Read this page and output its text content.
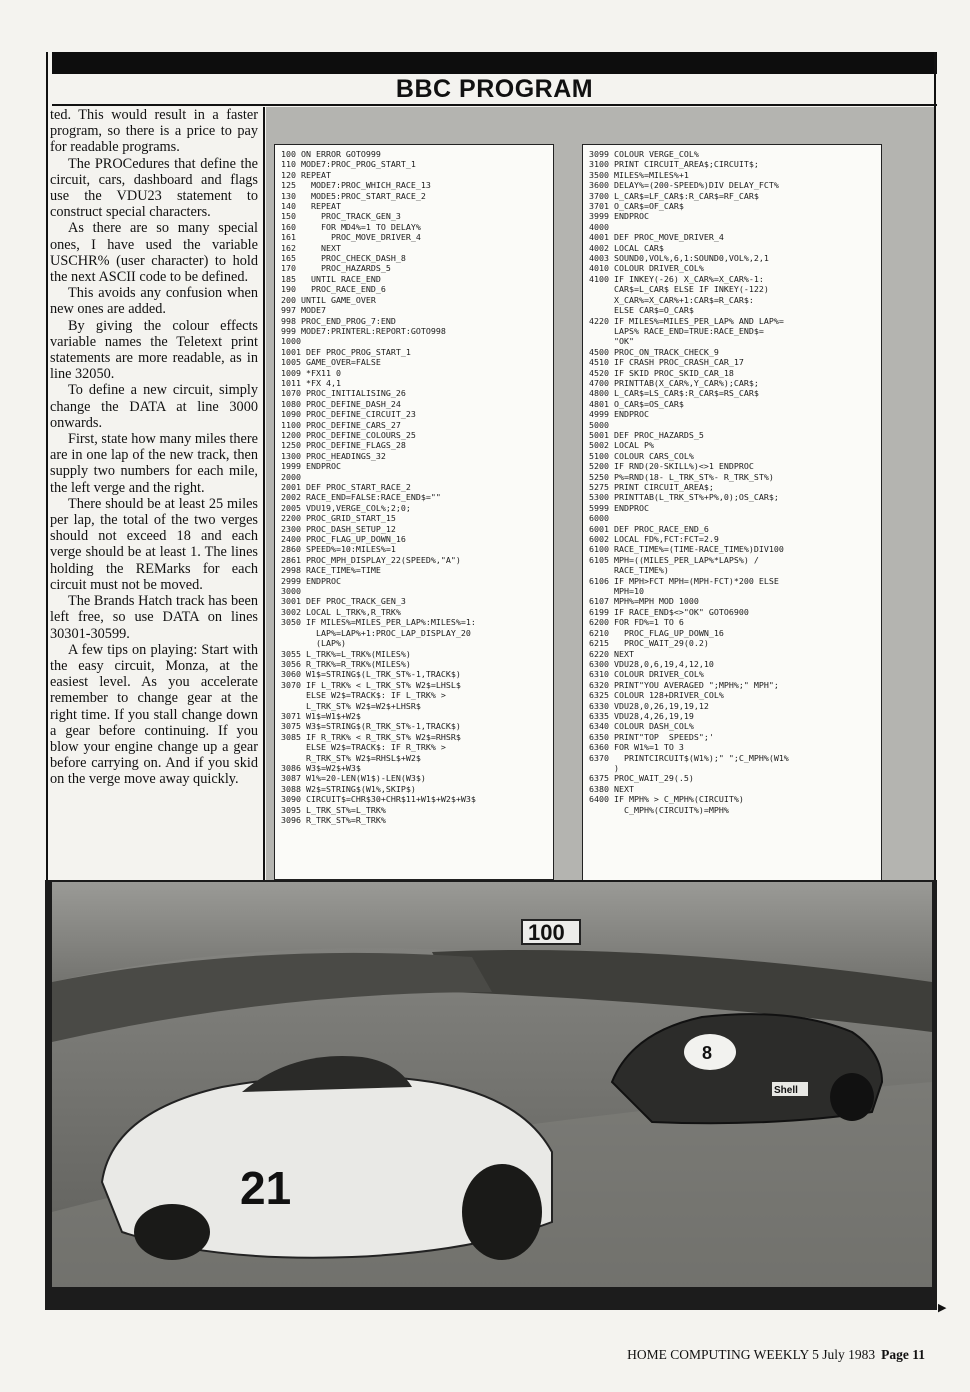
BBC PROGRAM

ted. This would result in a faster program, so there is a price to pay for readable programs.

The PROCedures that define the circuit, cars, dashboard and flags use the VDU23 statement to construct special characters.

As there are so many special ones, I have used the variable USCHR% (user character) to hold the next ASCII code to be defined.

This avoids any confusion when new ones are added.

By giving the colour effects variable names the Teletext print statements are more readable, as in line 32050.

To define a new circuit, simply change the DATA at line 3000 onwards.

First, state how many miles there are in one lap of the new track, then supply two numbers for each mile, the left verge and the right.

There should be at least 25 miles per lap, the total of the two verges should not exceed 18 and each verge should be at least 1. The lines holding the REMarks for each circuit must not be moved.

The Brands Hatch track has been left free, so use DATA on lines 30301-30599.

A few tips on playing: Start with the easy circuit, Monza, at the easiest level. As you accelerate remember to change gear at the right time. If you stall change down a gear before continuing. If you blow your engine change up a gear before carrying on. And if you skid on the verge move away quickly.

100 ON ERROR GOTO999
110 MODE7:PROC_PROG_START_1
120 REPEAT
125   MODE7:PROC_WHICH_RACE_13
130   MODE5:PROC_START_RACE_2
140   REPEAT
150     PROC_TRACK_GEN_3
160     FOR MD4%=1 TO DELAY%
161       PROC_MOVE_DRIVER_4
162     NEXT
165     PROC_CHECK_DASH_8
170     PROC_HAZARDS_5
185   UNTIL RACE_END
190   PROC_RACE_END_6
200 UNTIL GAME_OVER
997 MODE7
998 PROC_END_PROG_7:END
999 MODE7:PRINTERL:REPORT:GOTO998
1000
1001 DEF PROC_PROG_START_1
1005 GAME_OVER=FALSE
1009 *FX11 0
1011 *FX 4,1
1070 PROC_INITIALISING_26
1080 PROC_DEFINE_DASH_24
1090 PROC_DEFINE_CIRCUIT_23
1100 PROC_DEFINE_CARS_27
1200 PROC_DEFINE_COLOURS_25
1250 PROC_DEFINE_FLAGS_28
1300 PROC_HEADINGS_32
1999 ENDPROC
2000
2001 DEF PROC_START_RACE_2
2002 RACE_END=FALSE:RACE_END$=""
2005 VDU19,VERGE_COL%;2;0;
2200 PROC_GRID_START_15
2300 PROC_DASH_SETUP_12
2400 PROC_FLAG_UP_DOWN_16
2860 SPEED%=10:MILES%=1
2861 PROC_MPH_DISPLAY_22(SPEED%,"A")
2998 RACE_TIME%=TIME
2999 ENDPROC
3000
3001 DEF PROC_TRACK_GEN_3
3002 LOCAL L_TRK%,R_TRK%
3050 IF MILES%=MILES_PER_LAP%:MILES%=1:
LAP%=LAP%+1:PROC_LAP_DISPLAY_20
(LAP%)
3055 L_TRK%=L_TRK%(MILES%)
3056 R_TRK%=R_TRK%(MILES%)
3060 W1$=STRING$(L_TRK_ST%-1,TRACK$)
3070 IF L_TRK% < L_TRK_ST% W2$=LHSL$
ELSE W2$=TRACK$: IF L_TRK% >
L_TRK_ST% W2$=W2$+LHSR$
3071 W1$=W1$+W2$
3075 W3$=STRING$(R_TRK_ST%-1,TRACK$)
3085 IF R_TRK% < R_TRK_ST% W2$=RHSR$
ELSE W2$=TRACK$: IF R_TRK% >
R_TRK_ST% W2$=RHSL$+W2$
3086 W3$=W2$+W3$
3087 W1%=20-LEN(W1$)-LEN(W3$)
3088 W2$=STRING$(W1%,SKIP$)
3090 CIRCUIT$=CHR$30+CHR$11+W1$+W2$+W3$
3095 L_TRK_ST%=L_TRK%
3096 R_TRK_ST%=R_TRK%
3099 COLOUR VERGE_COL%
3100 PRINT CIRCUIT_AREA$;CIRCUIT$;
3500 MILES%=MILES%+1
3600 DELAY%=(200-SPEED%)DIV DELAY_FCT%
3700 L_CAR$=LF_CAR$:R_CAR$=RF_CAR$
3701 O_CAR$=OF_CAR$
3999 ENDPROC
4000
4001 DEF PROC_MOVE_DRIVER_4
4002 LOCAL CAR$
4003 SOUND0,VOL%,6,1:SOUND0,VOL%,2,1
4010 COLOUR DRIVER_COL%
4100 IF INKEY(-26) X_CAR%=X_CAR%-1:
CAR$=L_CAR$ ELSE IF INKEY(-122)
X_CAR%=X_CAR%+1:CAR$=R_CAR$:
ELSE CAR$=O_CAR$
4220 IF MILES%=MILES_PER_LAP% AND LAP%=
LAPS% RACE_END=TRUE:RACE_END$=
"OK"
4500 PROC_ON_TRACK_CHECK_9
4510 IF CRASH PROC_CRASH_CAR_17
4520 IF SKID PROC_SKID_CAR_18
4700 PRINTTAB(X_CAR%,Y_CAR%);CAR$;
4800 L_CAR$=LS_CAR$:R_CAR$=RS_CAR$
4801 O_CAR$=OS_CAR$
4999 ENDPROC
5000
5001 DEF PROC_HAZARDS_5
5002 LOCAL P%
5100 COLOUR CARS_COL%
5200 IF RND(20-SKILL%)<>1 ENDPROC
5250 P%=RND(18- L_TRK_ST%- R_TRK_ST%)
5275 PRINT CIRCUIT_AREA$;
5300 PRINTTAB(L_TRK_ST%+P%,0);OS_CAR$;
5999 ENDPROC
6000
6001 DEF PROC_RACE_END_6
6002 LOCAL FD%,FCT:FCT=2.9
6100 RACE_TIME%=(TIME-RACE_TIME%)DIV100
6105 MPH=((MILES_PER_LAP%*LAPS%) /
RACE_TIME%)
6106 IF MPH>FCT MPH=(MPH-FCT)*200 ELSE
MPH=10
6107 MPH%=MPH MOD 1000
6199 IF RACE_END$<>"OK" GOTO6900
6200 FOR FD%=1 TO 6
6210   PROC_FLAG_UP_DOWN_16
6215   PROC_WAIT_29(0.2)
6220 NEXT
6300 VDU28,0,6,19,4,12,10
6310 COLOUR DRIVER_COL%
6320 PRINT"YOU AVERAGED ";MPH%;" MPH";
6325 COLOUR 128+DRIVER_COL%
6330 VDU28,0,26,19,19,12
6335 VDU28,4,26,19,19
6340 COLOUR DASH_COL%
6350 PRINT"TOP  SPEEDS";'
6360 FOR W1%=1 TO 3
6370   PRINTCIRCUIT$(W1%);" ";C_MPH%(W1%
)
6375 PROC_WAIT_29(.5)
6380 NEXT
6400 IF MPH% > C_MPH%(CIRCUIT%)
C_MPH%(CIRCUIT%)=MPH%
100
21
8
Shell
HOME COMPUTING WEEKLY 5 July 1983 Page 11
▶
